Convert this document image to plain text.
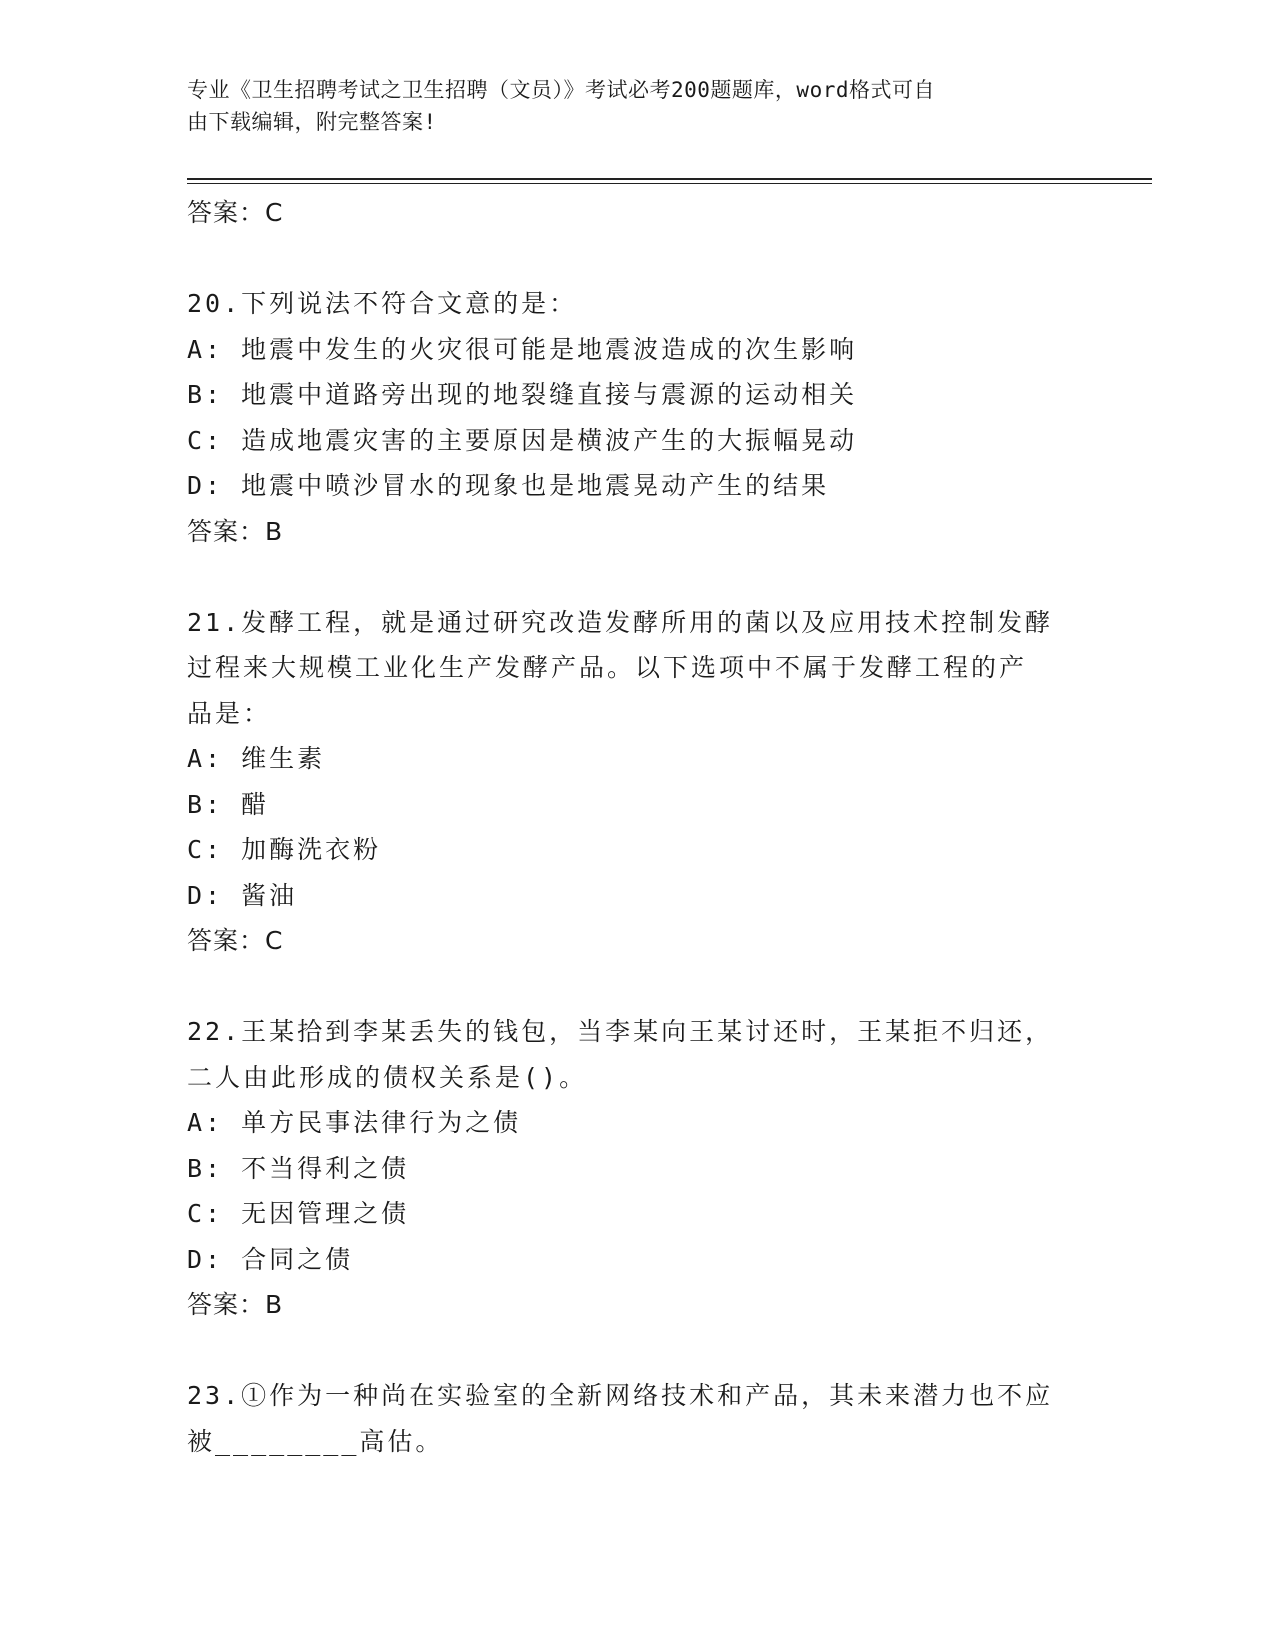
专业《卫生招聘考试之卫生招聘（文员）》考试必考200题题库，word格式可自
由下载编辑，附完整答案!
答案：C
20.下列说法不符合文意的是：
A: 地震中发生的火灾很可能是地震波造成的次生影响
B: 地震中道路旁出现的地裂缝直接与震源的运动相关
C: 造成地震灾害的主要原因是横波产生的大振幅晃动
D: 地震中喷沙冒水的现象也是地震晃动产生的结果
答案：B
21.发酵工程，就是通过研究改造发酵所用的菌以及应用技术控制发酵
过程来大规模工业化生产发酵产品。以下选项中不属于发酵工程的产
品是：
A: 维生素
B: 醋
C: 加酶洗衣粉
D: 酱油
答案：C
22.王某拾到李某丢失的钱包，当李某向王某讨还时，王某拒不归还，
二人由此形成的债权关系是()。
A: 单方民事法律行为之债
B: 不当得利之债
C: 无因管理之债
D: 合同之债
答案：B
23.①作为一种尚在实验室的全新网络技术和产品，其未来潜力也不应
被________高估。
